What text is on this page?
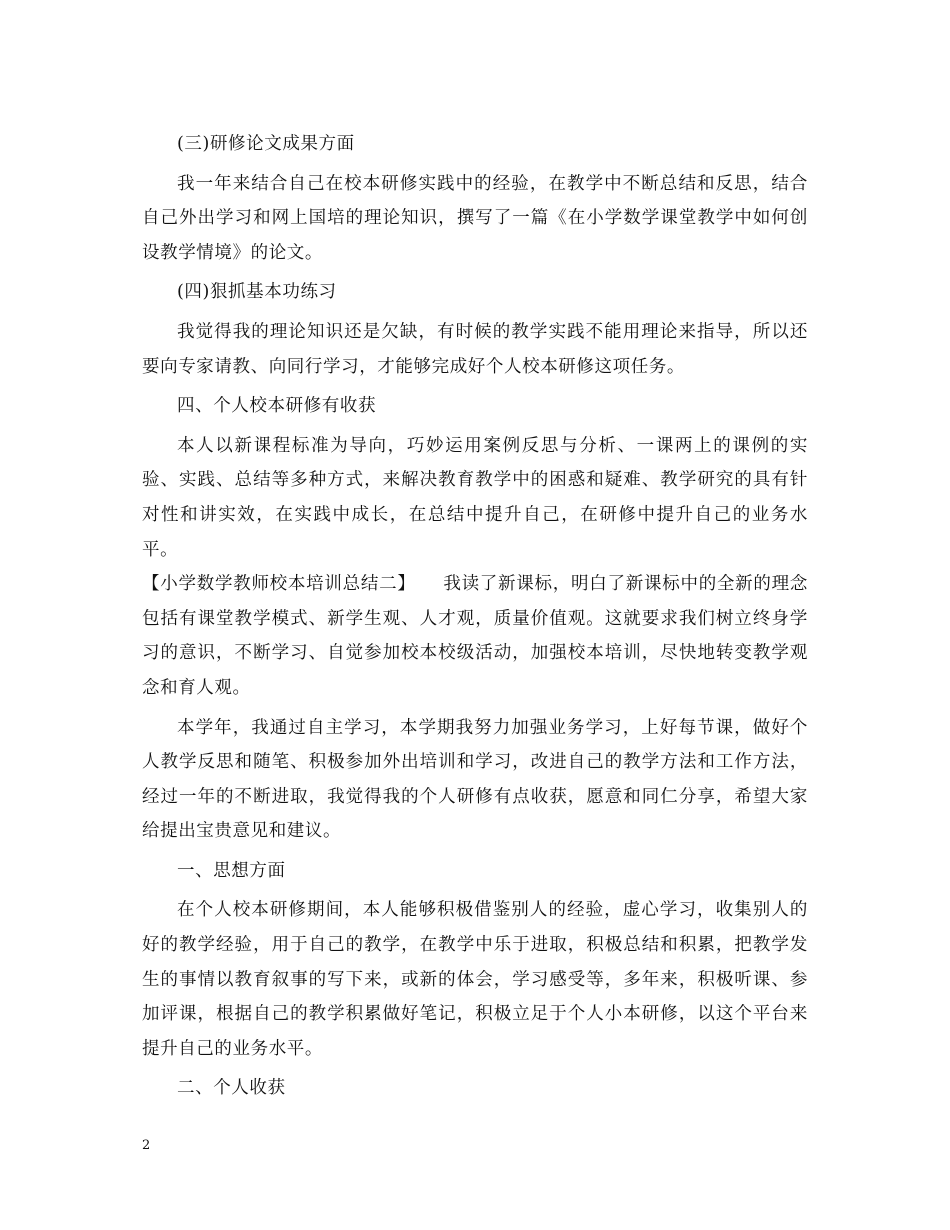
(三)研修论文成果方面

我一年来结合自己在校本研修实践中的经验，在教学中不断总结和反思，结合自己外出学习和网上国培的理论知识，撰写了一篇《在小学数学课堂教学中如何创设教学情境》的论文。

(四)狠抓基本功练习

我觉得我的理论知识还是欠缺，有时候的教学实践不能用理论来指导，所以还要向专家请教、向同行学习，才能够完成好个人校本研修这项任务。

四、个人校本研修有收获

本人以新课程标准为导向，巧妙运用案例反思与分析、一课两上的课例的实验、实践、总结等多种方式，来解决教育教学中的困惑和疑难、教学研究的具有针对性和讲实效，在实践中成长，在总结中提升自己，在研修中提升自己的业务水平。

【小学数学教师校本培训总结二】　　我读了新课标，明白了新课标中的全新的理念包括有课堂教学模式、新学生观、人才观，质量价值观。这就要求我们树立终身学习的意识，不断学习、自觉参加校本校级活动，加强校本培训，尽快地转变教学观念和育人观。

本学年，我通过自主学习，本学期我努力加强业务学习，上好每节课，做好个人教学反思和随笔、积极参加外出培训和学习，改进自己的教学方法和工作方法，经过一年的不断进取，我觉得我的个人研修有点收获，愿意和同仁分享，希望大家给提出宝贵意见和建议。

一、思想方面

在个人校本研修期间，本人能够积极借鉴别人的经验，虚心学习，收集别人的好的教学经验，用于自己的教学，在教学中乐于进取，积极总结和积累，把教学发生的事情以教育叙事的写下来，或新的体会，学习感受等，多年来，积极听课、参加评课，根据自己的教学积累做好笔记，积极立足于个人小本研修，以这个平台来提升自己的业务水平。

二、个人收获

2
